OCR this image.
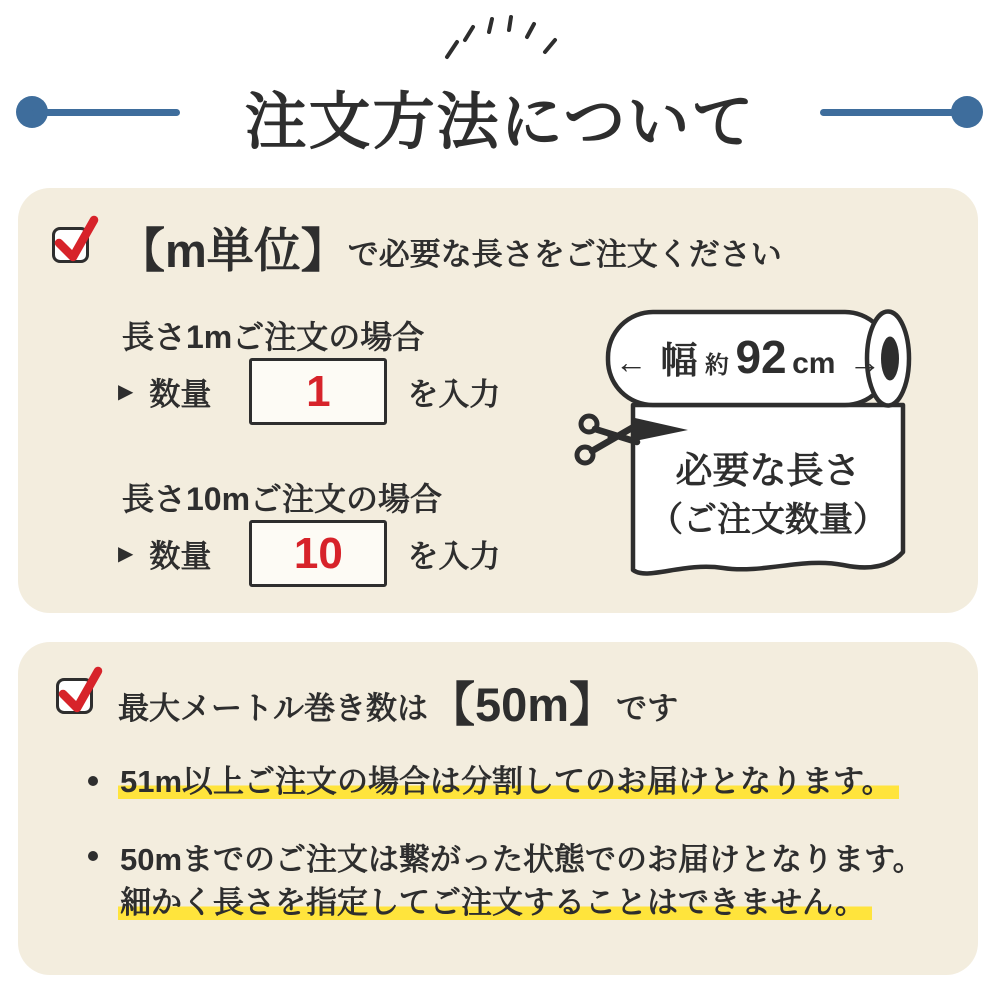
注文方法について
【m単位】 で必要な長さをご注文ください
長さ1mご注文の場合
▶ 数量 1 を入力
長さ10mご注文の場合
▶ 数量 10 を入力
← 幅 約 92 cm →
必要な長さ
（ご注文数量）
最大メートル巻き数は 【50m】 です
51m以上ご注文の場合は分割してのお届けとなります。
50mまでのご注文は繋がった状態でのお届けとなります。
細かく長さを指定してご注文することはできません。
